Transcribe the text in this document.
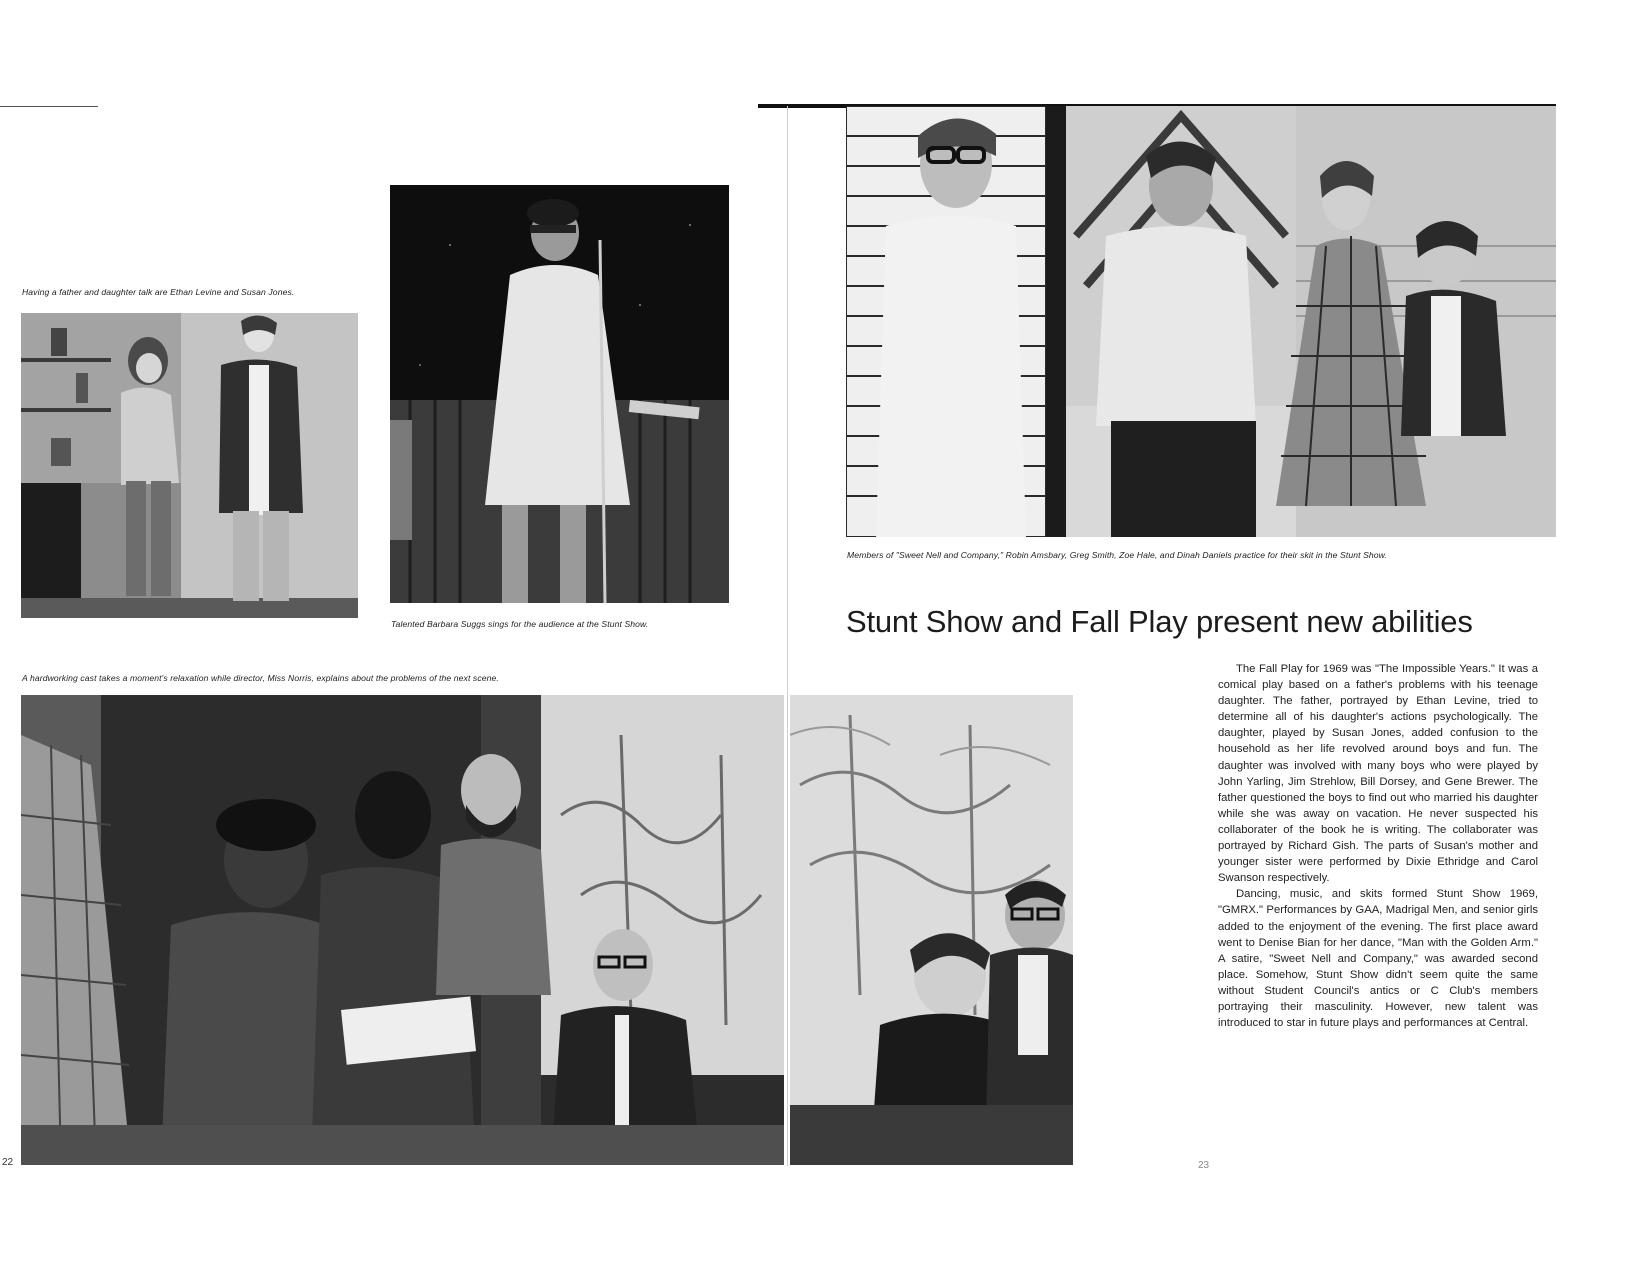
Having a father and daughter talk are Ethan Levine and Susan Jones.
Talented Barbara Suggs sings for the audience at the Stunt Show.
Members of "Sweet Nell and Company," Robin Amsbary, Greg Smith, Zoe Hale, and Dinah Daniels practice for their skit in the Stunt Show.
Stunt Show and Fall Play present new abilities
A hardworking cast takes a moment's relaxation while director, Miss Norris, explains about the problems of the next scene.

The Fall Play for 1969 was "The Impossible Years." It was a comical play based on a father's problems with his teenage daughter. The father, portrayed by Ethan Levine, tried to determine all of his daughter's actions psychologically. The daughter, played by Susan Jones, added confusion to the household as her life revolved around boys and fun. The daughter was involved with many boys who were played by John Yarling, Jim Strehlow, Bill Dorsey, and Gene Brewer. The father questioned the boys to find out who married his daughter while she was away on vacation. He never suspected his collaborater of the book he is writing. The collaborater was portrayed by Richard Gish. The parts of Susan's mother and younger sister were performed by Dixie Ethridge and Carol Swanson respectively.

Dancing, music, and skits formed Stunt Show 1969, "GMRX." Performances by GAA, Madrigal Men, and senior girls added to the enjoyment of the evening. The first place award went to Denise Bian for her dance, "Man with the Golden Arm." A satire, "Sweet Nell and Company," was awarded second place. Somehow, Stunt Show didn't seem quite the same without Student Council's antics or C Club's members portraying their masculinity. However, new talent was introduced to star in future plays and performances at Central.

22	23
